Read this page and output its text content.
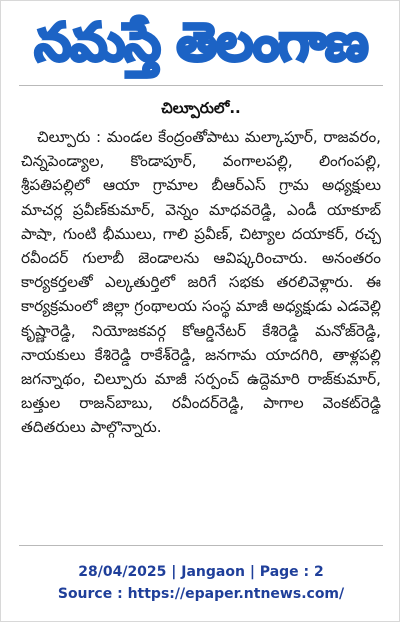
నమస్తే తెలంగాణ
చిల్పూరులో..

చిల్పూరు : మండల కేంద్రంతోపాటు మల్కాపూర్, రాజవరం, చిన్నపెండ్యాల, కొండాపూర్, వంగాలపల్లి, లింగంపల్లి, శ్రీపతిపల్లిలో ఆయా గ్రామాల బీఆర్ఎస్ గ్రామ అధ్యక్షులు మాచర్ల ప్రవీణ్‌కుమార్, వెన్నం మాధవరెడ్డి, ఎండీ యాకూబ్ పాషా, గుంటి భీములు, గాలి ప్రవీణ్, చిట్యాల దయాకర్, రచ్చ రవీందర్ గులాబీ జెండాలను ఆవిష్కరించారు. అనంతరం కార్యకర్తలతో ఎల్కతుర్తిలో జరిగే సభకు తరలివెళ్లారు. ఈ కార్యక్రమంలో జిల్లా గ్రంథాలయ సంస్థ మాజీ అధ్యక్షుడు ఎడవెల్లి కృష్ణారెడ్డి, నియోజకవర్గ కోఆర్డినేటర్ కేశిరెడ్డి మనోజ్‌రెడ్డి, నాయకులు కేశిరెడ్డి రాకేశ్‌రెడ్డి, జనగామ యాదగిరి, తాళ్లపల్లి జగన్నాథం, చిల్పూరు మాజీ సర్పంచ్ ఉద్దెమారి రాజ్‌కుమార్, బత్తుల రాజన్‌బాబు, రవీందర్‌రెడ్డి, పాగాల వెంకట్‌రెడ్డి తదితరులు పాల్గొన్నారు.

28/04/2025 | Jangaon | Page : 2
Source : https://epaper.ntnews.com/
